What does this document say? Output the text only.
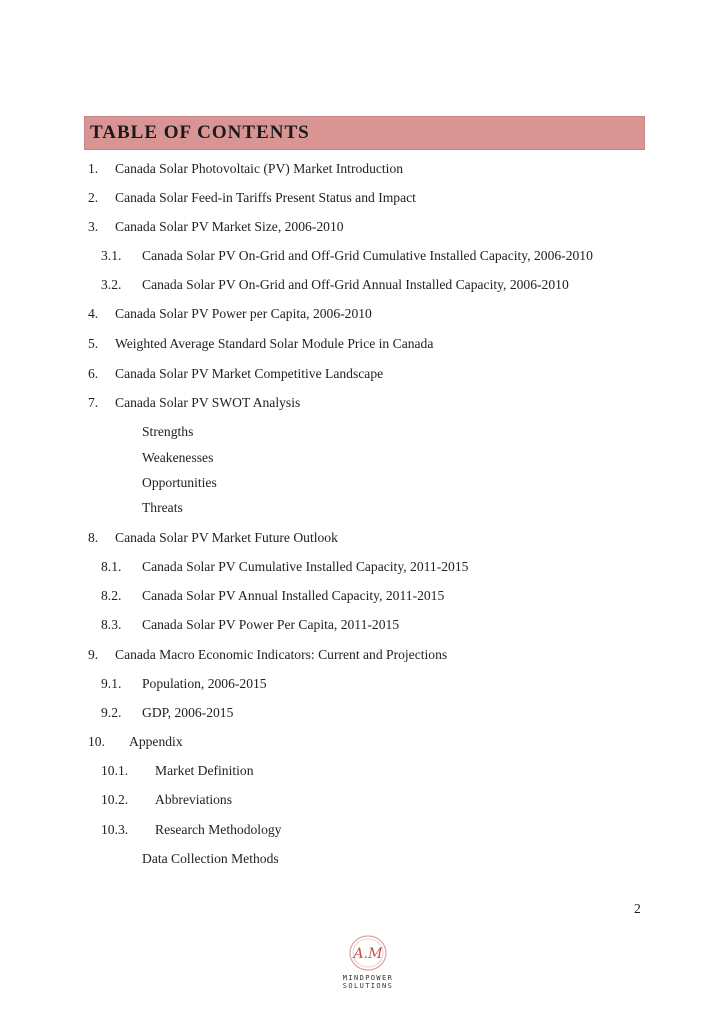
TABLE OF CONTENTS
1. Canada Solar Photovoltaic (PV) Market Introduction
2. Canada Solar Feed-in Tariffs Present Status and Impact
3. Canada Solar PV Market Size, 2006-2010
3.1. Canada Solar PV On-Grid and Off-Grid Cumulative Installed Capacity, 2006-2010
3.2. Canada Solar PV On-Grid and Off-Grid Annual Installed Capacity, 2006-2010
4. Canada Solar PV Power per Capita, 2006-2010
5. Weighted Average Standard Solar Module Price in Canada
6. Canada Solar PV Market Competitive Landscape
7. Canada Solar PV SWOT Analysis
Strengths
Weakenesses
Opportunities
Threats
8. Canada Solar PV Market Future Outlook
8.1. Canada Solar PV Cumulative Installed Capacity, 2011-2015
8.2. Canada Solar PV Annual Installed Capacity, 2011-2015
8.3. Canada Solar PV Power Per Capita, 2011-2015
9. Canada Macro Economic Indicators: Current and Projections
9.1. Population, 2006-2015
9.2. GDP, 2006-2015
10. Appendix
10.1. Market Definition
10.2. Abbreviations
10.3. Research Methodology
Data Collection Methods
2
A.M
MINDPOWER SOLUTIONS
